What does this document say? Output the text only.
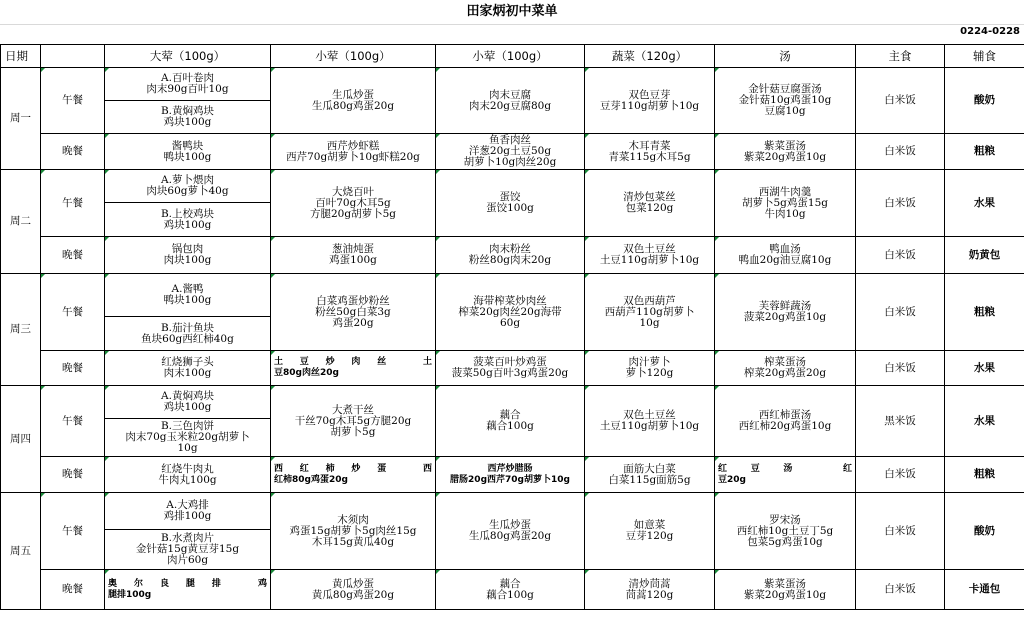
田家炳初中菜单
0224-0228
日期		大荤（100g）	小荤（100g）	小荤（100g）	蔬菜（120g）	汤	主食	辅食
周一	午餐	A.百叶卷肉
肉末90g百叶10g	生瓜炒蛋
生瓜80g鸡蛋20g	肉末豆腐
肉末20g豆腐80g	双色豆芽
豆芽110g胡萝卜10g	金针菇豆腐蛋汤
金针菇10g鸡蛋10g
豆腐10g	白米饭	酸奶

		B.黄焖鸡块
鸡块100g						

	晚餐	酱鸭块
鸭块100g	西芹炒虾糕
西芹70g胡萝卜10g虾糕20g	鱼香肉丝
洋葱20g土豆50g
胡萝卜10g肉丝20g	木耳青菜
青菜115g木耳5g	紫菜蛋汤
紫菜20g鸡蛋10g	白米饭	粗粮
周二	午餐	A.萝卜煨肉
肉块60g萝卜40g	大烧百叶
百叶70g木耳5g
方腿20g胡萝卜5g	蛋饺
蛋饺100g	清炒包菜丝
包菜120g	西湖牛肉羹
胡萝卜5g鸡蛋15g
牛肉10g	白米饭	水果

		B.上校鸡块
鸡块100g						

	晚餐	锅包肉
肉块100g	葱油炖蛋
鸡蛋100g	肉末粉丝
粉丝80g肉末20g	双色土豆丝
土豆110g胡萝卜10g	鸭血汤
鸭血20g油豆腐10g	白米饭	奶黄包
周三	午餐	A.酱鸭
鸭块100g	白菜鸡蛋炒粉丝
粉丝50g白菜3g
鸡蛋20g	海带榨菜炒肉丝
榨菜20g肉丝20g海带
60g	双色西葫芦
西葫芦110g胡萝卜
10g	芙蓉鲜蔬汤
菠菜20g鸡蛋10g	白米饭	粗粮

		B.茄汁鱼块
鱼块60g西红柿40g						

	晚餐	红烧狮子头
肉末100g	土豆炒肉丝 土
豆80g肉丝20g	菠菜百叶炒鸡蛋
菠菜50g百叶3g鸡蛋20g	肉汁萝卜
萝卜120g	榨菜蛋汤
榨菜20g鸡蛋20g	白米饭	水果
周四	午餐	A.黄焖鸡块
鸡块100g	大煮干丝
干丝70g木耳5g方腿20g
胡萝卜5g	藕合
藕合100g	双色土豆丝
土豆110g胡萝卜10g	西红柿蛋汤
西红柿20g鸡蛋10g	黑米饭	水果

		B.三色肉饼
肉末70g玉米粒20g胡萝卜
10g						

	晚餐	红烧牛肉丸
牛肉丸100g	西红柿炒蛋 西
红柿80g鸡蛋20g	西芹炒腊肠
腊肠20g西芹70g胡萝卜10g	面筋大白菜
白菜115g面筋5g	红豆汤 红
豆20g	白米饭	粗粮
周五	午餐	A.大鸡排
鸡排100g	木须肉
鸡蛋15g胡萝卜5g肉丝15g
木耳15g黄瓜40g	生瓜炒蛋
生瓜80g鸡蛋20g	如意菜
豆芽120g	罗宋汤
西红柿10g土豆丁5g
包菜5g鸡蛋10g	白米饭	酸奶

		B.水煮肉片
金针菇15g黄豆芽15g
肉片60g						

	晚餐	奥尔良腿排 鸡
腿排100g	黄瓜炒蛋
黄瓜80g鸡蛋20g	藕合
藕合100g	清炒茼蒿
茼蒿120g	紫菜蛋汤
紫菜20g鸡蛋10g	白米饭	卡通包
